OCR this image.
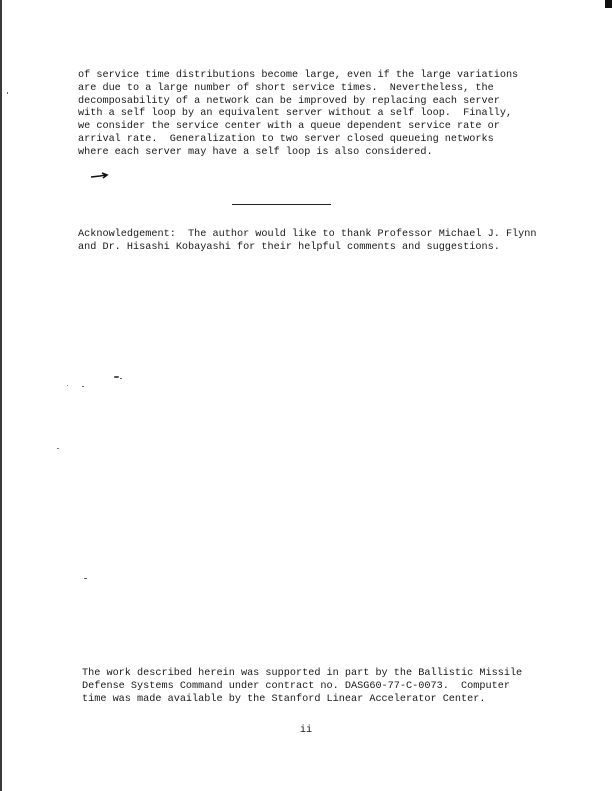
of service time distributions become large, even if the large variations
are due to a large number of short service times.  Nevertheless, the
decomposability of a network can be improved by replacing each server
with a self loop by an equivalent server without a self loop.  Finally,
we consider the service center with a queue dependent service rate or
arrival rate.  Generalization to two server closed queueing networks
where each server may have a self loop is also considered.

Acknowledgement:  The author would like to thank Professor Michael J. Flynn
and Dr. Hisashi Kobayashi for their helpful comments and suggestions.

The work described herein was supported in part by the Ballistic Missile
Defense Systems Command under contract no. DASG60-77-C-0073.  Computer
time was made available by the Stanford Linear Accelerator Center.

ii
